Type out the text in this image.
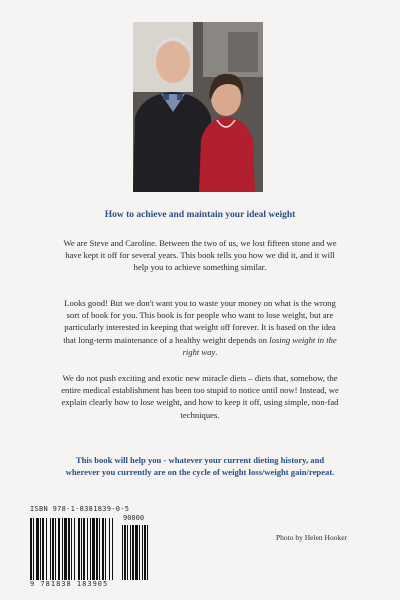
How to achieve and maintain your ideal weight

We are Steve and Caroline. Between the two of us, we lost fifteen stone and we have kept it off for several years. This book tells you how we did it, and it will help you to achieve something similar.

Looks good! But we don't want you to waste your money on what is the wrong sort of book for you. This book is for people who want to lose weight, but are particularly interested in keeping that weight off forever. It is based on the idea that long-term maintenance of a healthy weight depends on losing weight in the right way.

We do not push exciting and exotic new miracle diets – diets that, somehow, the entire medical establishment has been too stupid to notice until now! Instead, we explain clearly how to lose weight, and how to keep it off, using simple, non-fad techniques.

This book will help you - whatever your current dieting history, and wherever you currently are on the cycle of weight loss/weight gain/repeat.

ISBN 978-1-8381839-0-5
90000
9 781838 183905
Photo by Helen Hooker
